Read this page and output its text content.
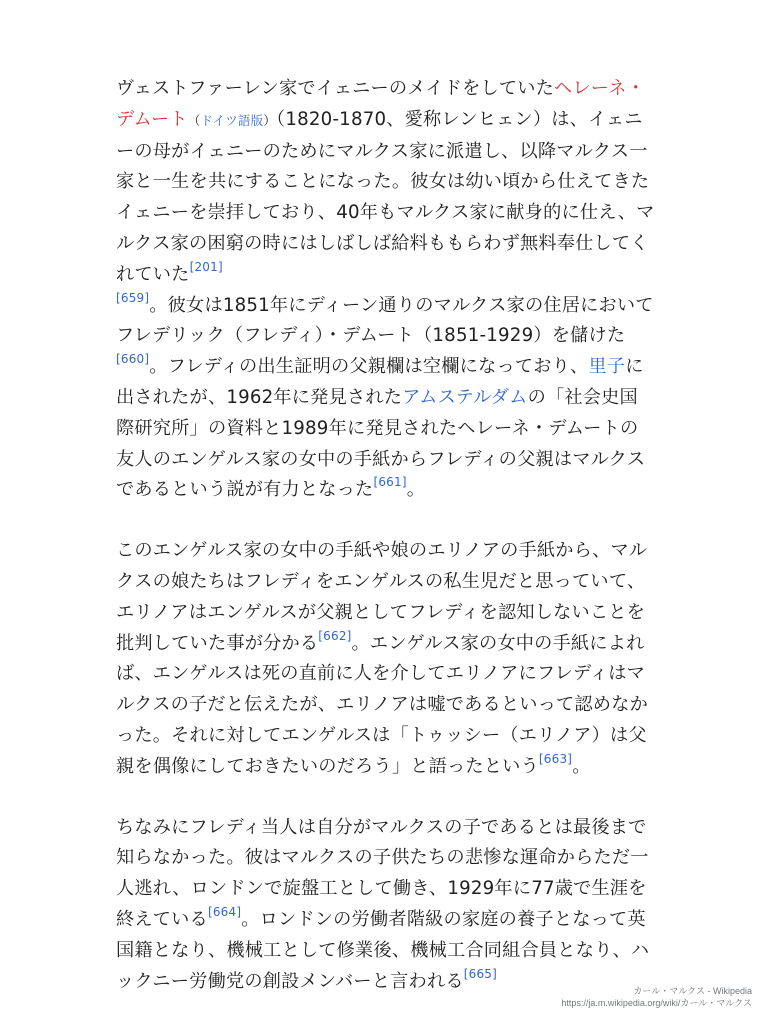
ヴェストファーレン家でイェニーのメイドをしていたヘレーネ・デムート（ドイツ語版）（1820-1870、愛称レンヒェン）は、イェニーの母がイェニーのためにマルクス家に派遣し、以降マルクス一家と一生を共にすることになった。彼女は幼い頃から仕えてきたイェニーを崇拝しており、40年もマルクス家に献身的に仕え、マルクス家の困窮の時にはしばしば給料ももらわず無料奉仕してくれていた[201]
[659]。彼女は1851年にディーン通りのマルクス家の住居においてフレデリック（フレディ）・デムート（1851-1929）を儲けた[660]。フレディの出生証明の父親欄は空欄になっており、里子に出されたが、1962年に発見されたアムステルダムの「社会史国際研究所」の資料と1989年に発見されたヘレーネ・デムートの友人のエンゲルス家の女中の手紙からフレディの父親はマルクスであるという説が有力となった[661]。

このエンゲルス家の女中の手紙や娘のエリノアの手紙から、マルクスの娘たちはフレディをエンゲルスの私生児だと思っていて、エリノアはエンゲルスが父親としてフレディを認知しないことを批判していた事が分かる[662]。エンゲルス家の女中の手紙によれば、エンゲルスは死の直前に人を介してエリノアにフレディはマルクスの子だと伝えたが、エリノアは嘘であるといって認めなかった。それに対してエンゲルスは「トゥッシー（エリノア）は父親を偶像にしておきたいのだろう」と語ったという[663]。

ちなみにフレディ当人は自分がマルクスの子であるとは最後まで知らなかった。彼はマルクスの子供たちの悲惨な運命からただ一人逃れ、ロンドンで旋盤工として働き、1929年に77歳で生涯を終えている[664]。ロンドンの労働者階級の家庭の養子となって英国籍となり、機械工として修業後、機械工合同組合員となり、ハックニー労働党の創設メンバーと言われる[665]

カール・マルクス - Wikipedia
https://ja.m.wikipedia.org/wiki/カール・マルクス
